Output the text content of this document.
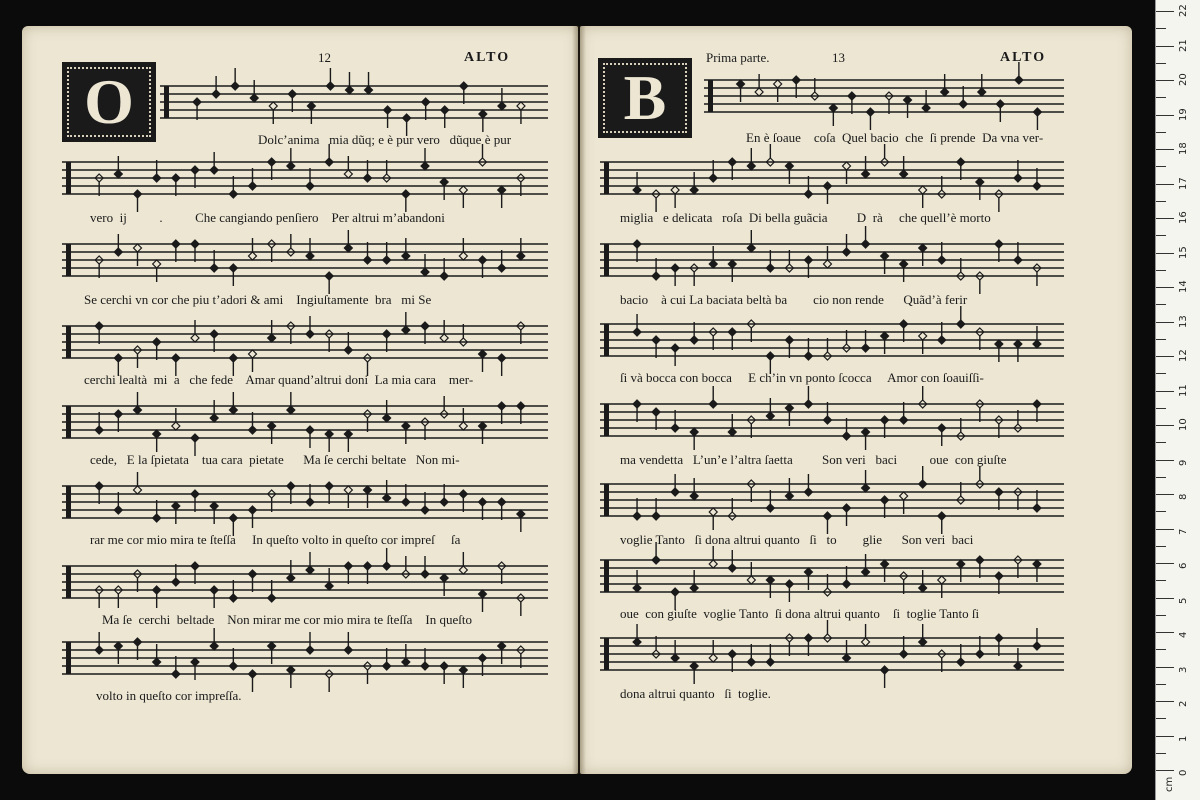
12	ALTO
O
Prima parte.	13	ALTO
B
Dolc’anima   mia dũq; e è pur vero   dũque è pur
vero  ij          .          Che cangiando penſiero    Per altrui m’abandoni
Se cerchi vn cor che piu t’adori & ami    Ingiuſtamente  bra   mi Se
cerchi lealtà  mi  a   che fede    Amar quand’altrui doni  La mia cara    mer-
cede,   E la ſpietata    tua cara  pietate      Ma ſe cerchi beltate   Non mi-
rar me cor mio mira te ſteſſa     In queſto volto in queſto cor impreſ     ſa
Ma ſe  cerchi  beltade    Non mirar me cor mio mira te ſteſſa    In queſto
volto in queſto cor impreſſa.
En è ſoaue    coſa  Quel bacio  che  ſi prende  Da vna ver-
miglia   e delicata   roſa  Di bella guãcia         D  rà     che quell’è morto
bacio    à cui La baciata beltà ba        cio non rende      Quãd’à ferir
ſi và bocca con bocca     E ch’in vn ponto ſcocca     Amor con ſoauiſſi-
ma vendetta   L’un’e l’altra ſaetta         Son veri   baci          oue  con giuſte
voglie Tanto   ſi dona altrui quanto   ſi   to        glie      Son veri  baci
oue  con giuſte  voglie Tanto  ſi dona altrui quanto    ſi  toglie Tanto ſi
dona altrui quanto   ſi  toglie.
cm
0
1
2
3
4
5
6
7
8
9
10
11
12
13
14
15
16
17
18
19
20
21
22
